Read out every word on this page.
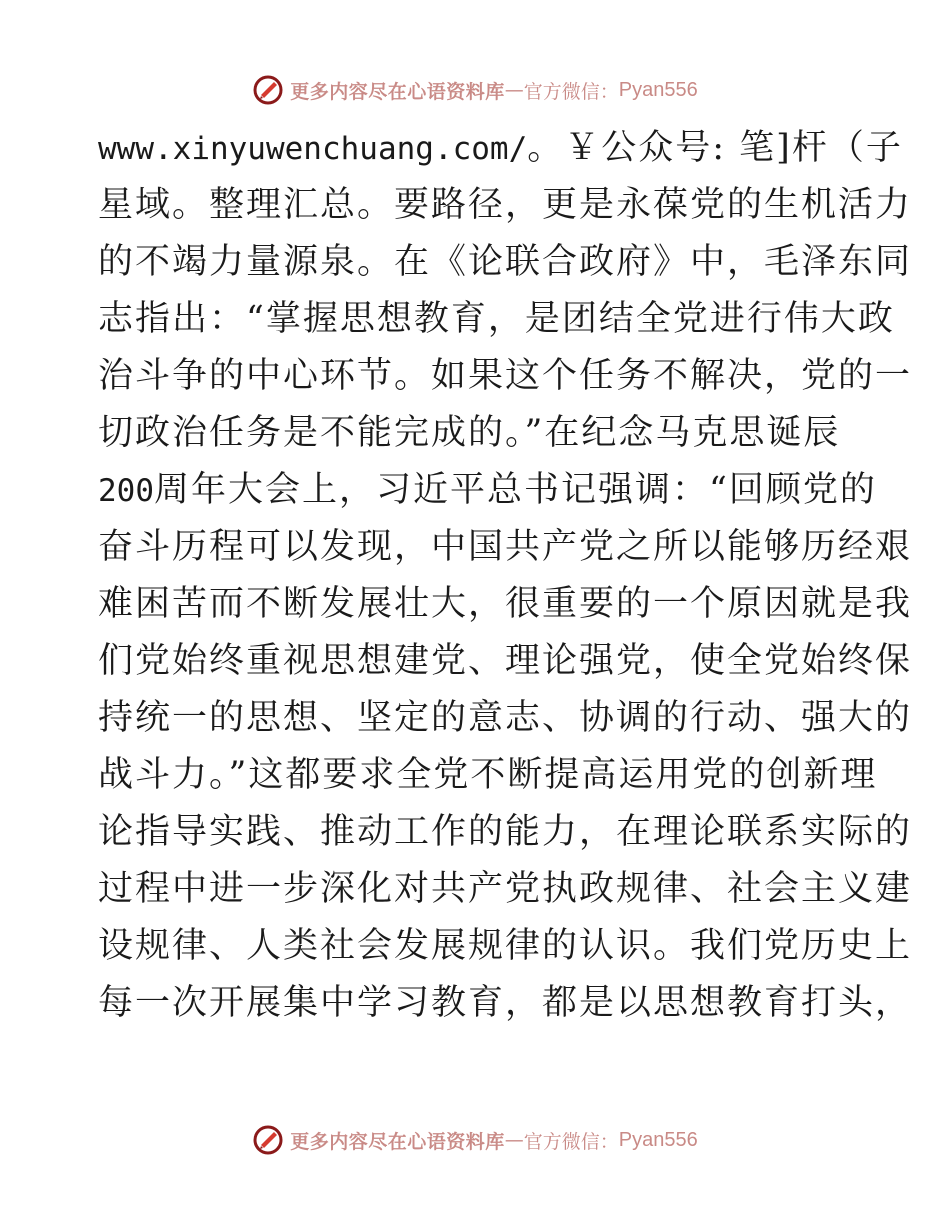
更多内容尽在心语资料库 — 官方微信： Pyan556
www.xinyuwenchuang.com/。￥公众号: 笔]杆（子
星域。整理汇总。要路径，更是永葆党的生机活力
的不竭力量源泉。在《论联合政府》中，毛泽东同
志指出：“掌握思想教育，是团结全党进行伟大政
治斗争的中心环节。如果这个任务不解决，党的一
切政治任务是不能完成的。”在纪念马克思诞辰
200周年大会上，习近平总书记强调：“回顾党的
奋斗历程可以发现，中国共产党之所以能够历经艰
难困苦而不断发展壮大，很重要的一个原因就是我
们党始终重视思想建党、理论强党，使全党始终保
持统一的思想、坚定的意志、协调的行动、强大的
战斗力。”这都要求全党不断提高运用党的创新理
论指导实践、推动工作的能力，在理论联系实际的
过程中进一步深化对共产党执政规律、社会主义建
设规律、人类社会发展规律的认识。我们党历史上
每一次开展集中学习教育，都是以思想教育打头，
更多内容尽在心语资料库 — 官方微信： Pyan556
